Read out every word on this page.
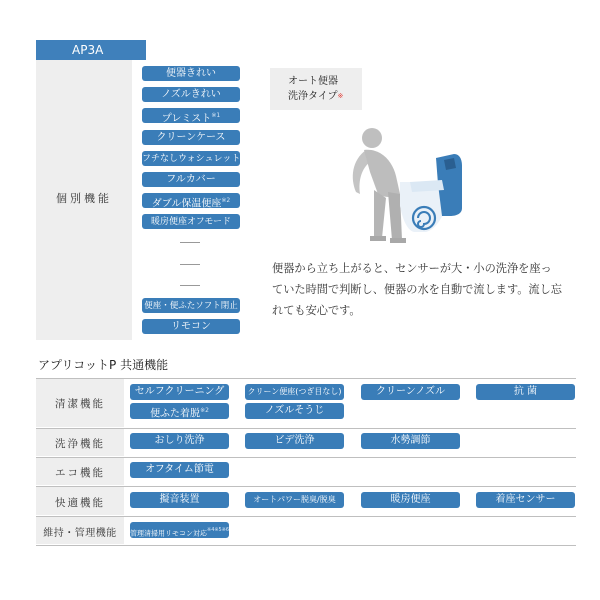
AP3A
個別機能
便器きれい
ノズルきれい
プレミスト$^{※1}$
クリーンケース
フチなしウォシュレット
フルカバー
ダブル保温便座$^{※2}$
暖房便座オフモード
便座・便ふたソフト閉止
リモコン
オート便器
洗浄タイプ※
便器から立ち上がると、センサーが大・小の洗浄を座っていた時間で判断し、便器の水を自動で流します。流し忘れても安心です。
アプリコットP 共通機能
清潔機能
セルフクリーニング	クリーン便座(つぎ目なし)	クリーンノズル	抗 菌
便ふた着脱$^{※2}$	ノズルそうじ
洗浄機能	おしり洗浄	ビデ洗浄	水勢調節
エコ機能	オフタイム節電
快適機能	擬音装置	オートパワー脱臭/脱臭	暖房便座	着座センサー
維持・管理機能	管理清掃用リモコン対応$^{※4※5※6}$
